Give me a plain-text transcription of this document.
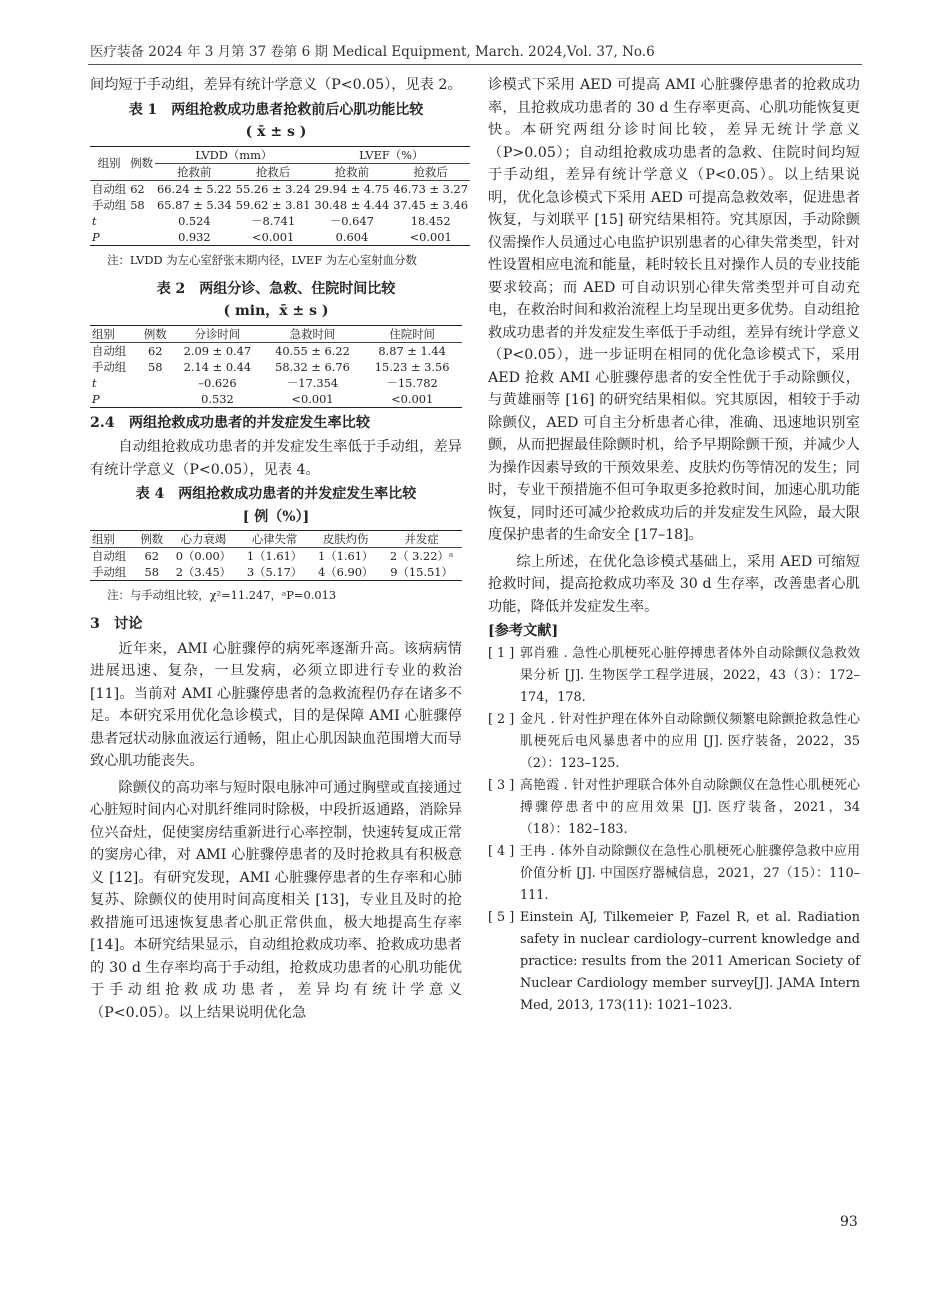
医疗装备 2024 年 3 月第 37 卷第 6 期 Medical Equipment, March. 2024,Vol. 37, No.6

间均短于手动组，差异有统计学意义（P<0.05），见表 2。

表 1　两组抢救成功患者抢救前后心肌功能比较
( x̄ ± s )
组别	例数	LVDD（mm）		LVEF（%）	
		抢救前	抢救后	抢救前	抢救后
自动组	62	66.24 ± 5.22	55.26 ± 3.24	29.94 ± 4.75	46.73 ± 3.27
手动组	58	65.87 ± 5.34	59.62 ± 3.81	30.48 ± 4.44	37.45 ± 3.46
t		0.524	－8.741	－0.647	18.452
P		0.932	<0.001	0.604	<0.001
注：LVDD 为左心室舒张末期内径，LVEF 为左心室射血分数
表 2　两组分诊、急救、住院时间比较
( min，x̄ ± s )
组别	例数	分诊时间	急救时间	住院时间
自动组	62	2.09 ± 0.47	40.55 ± 6.22	8.87 ± 1.44
手动组	58	2.14 ± 0.44	58.32 ± 6.76	15.23 ± 3.56
t		–0.626	－17.354	－15.782
P		0.532	<0.001	<0.001
2.4　两组抢救成功患者的并发症发生率比较

自动组抢救成功患者的并发症发生率低于手动组，差异有统计学意义（P<0.05），见表 4。

表 4　两组抢救成功患者的并发症发生率比较
[ 例（%）]
组别	例数	心力衰竭	心律失常	皮肤灼伤	并发症
自动组	62	0（0.00）	1（1.61）	1（1.61）	2（ 3.22）ᵃ
手动组	58	2（3.45）	3（5.17）	4（6.90）	9（15.51）
注：与手动组比较，χ²=11.247，ᵃP=0.013
3　讨论

近年来，AMI 心脏骤停的病死率逐渐升高。该病病情进展迅速、复杂，一旦发病，必须立即进行专业的救治 [11]。当前对 AMI 心脏骤停患者的急救流程仍存在诸多不足。本研究采用优化急诊模式，目的是保障 AMI 心脏骤停患者冠状动脉血液运行通畅，阻止心肌因缺血范围增大而导致心肌功能丧失。

除颤仪的高功率与短时限电脉冲可通过胸壁或直接通过心脏短时间内心对肌纤维同时除极，中段折返通路，消除异位兴奋灶，促使窦房结重新进行心率控制，快速转复成正常的窦房心律，对 AMI 心脏骤停患者的及时抢救具有积极意义 [12]。有研究发现，AMI 心脏骤停患者的生存率和心肺复苏、除颤仪的使用时间高度相关 [13]，专业且及时的抢救措施可迅速恢复患者心肌正常供血，极大地提高生存率 [14]。本研究结果显示，自动组抢救成功率、抢救成功患者的 30 d 生存率均高于手动组，抢救成功患者的心肌功能优于手动组抢救成功患者，差异均有统计学意义（P<0.05）。以上结果说明优化急

诊模式下采用 AED 可提高 AMI 心脏骤停患者的抢救成功率，且抢救成功患者的 30 d 生存率更高、心肌功能恢复更快。本研究两组分诊时间比较，差异无统计学意义（P>0.05）；自动组抢救成功患者的急救、住院时间均短于手动组，差异有统计学意义（P<0.05）。以上结果说明，优化急诊模式下采用 AED 可提高急救效率，促进患者恢复，与刘联平 [15] 研究结果相符。究其原因，手动除颤仪需操作人员通过心电监护识别患者的心律失常类型，针对性设置相应电流和能量，耗时较长且对操作人员的专业技能要求较高；而 AED 可自动识别心律失常类型并可自动充电，在救治时间和救治流程上均呈现出更多优势。自动组抢救成功患者的并发症发生率低于手动组，差异有统计学意义（P<0.05），进一步证明在相同的优化急诊模式下，采用 AED 抢救 AMI 心脏骤停患者的安全性优于手动除颤仪，与黄雄丽等 [16] 的研究结果相似。究其原因，相较于手动除颤仪，AED 可自主分析患者心律，准确、迅速地识别室颤，从而把握最佳除颤时机，给予早期除颤干预，并减少人为操作因素导致的干预效果差、皮肤灼伤等情况的发生；同时，专业干预措施不但可争取更多抢救时间，加速心肌功能恢复，同时还可减少抢救成功后的并发症发生风险，最大限度保护患者的生命安全 [17–18]。

综上所述，在优化急诊模式基础上，采用 AED 可缩短抢救时间，提高抢救成功率及 30 d 生存率，改善患者心肌功能，降低并发症发生率。

[参考文献]
[ 1 ] 郭肖雅 . 急性心肌梗死心脏停搏患者体外自动除颤仪急救效果分析 [J]. 生物医学工程学进展，2022，43（3）：172–174，178.
[ 2 ] 金凡 . 针对性护理在体外自动除颤仪频繁电除颤抢救急性心肌梗死后电风暴患者中的应用 [J]. 医疗装备，2022，35（2）：123–125.
[ 3 ] 高艳霞 . 针对性护理联合体外自动除颤仪在急性心肌梗死心搏骤停患者中的应用效果 [J]. 医疗装备，2021，34（18）：182–183.
[ 4 ] 王冉 . 体外自动除颤仪在急性心肌梗死心脏骤停急救中应用价值分析 [J]. 中国医疗器械信息，2021，27（15）：110–111.
[ 5 ] Einstein AJ, Tilkemeier P, Fazel R, et al. Radiation safety in nuclear cardiology–current knowledge and practice: results from the 2011 American Society of Nuclear Cardiology member survey[J]. JAMA Intern Med, 2013, 173(11): 1021–1023.
93
